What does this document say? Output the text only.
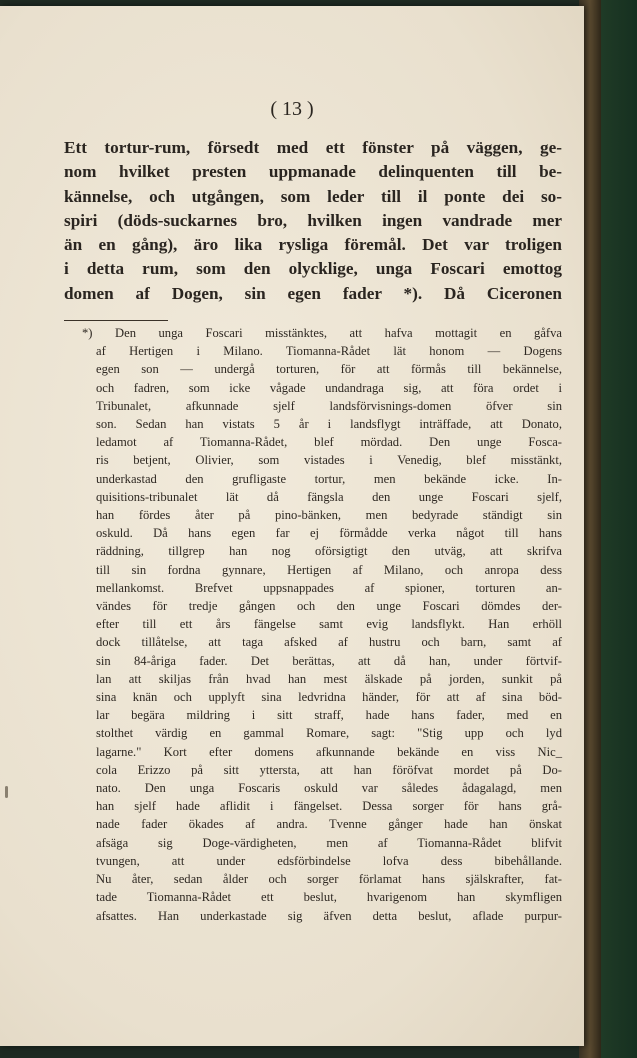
( 13 )
Ett tortur-rum, försedt med ett fönster på väggen, ge-
nom hvilket presten uppmanade delinquenten till be-
kännelse, och utgången, som leder till il ponte dei so-
spiri (döds-suckarnes bro, hvilken ingen vandrade mer
än en gång), äro lika rysliga föremål. Det var troligen
i detta rum, som den olycklige, unga Foscari emottog
domen af Dogen, sin egen fader *). Då Ciceronen
*) Den unga Foscari misstänktes, att hafva mottagit en gåfva
af Hertigen i Milano. Tiomanna-Rådet lät honom — Dogens
egen son — undergå torturen, för att förmås till bekännelse,
och fadren, som icke vågade undandraga sig, att föra ordet i
Tribunalet, afkunnade sjelf landsförvisnings-domen öfver sin
son. Sedan han vistats 5 år i landsflygt inträffade, att Donato,
ledamot af Tiomanna-Rådet, blef mördad. Den unge Fosca-
ris betjent, Olivier, som vistades i Venedig, blef misstänkt,
underkastad den grufligaste tortur, men bekände icke. In-
quisitions-tribunalet lät då fängsla den unge Foscari sjelf,
han fördes åter på pino-bänken, men bedyrade ständigt sin
oskuld. Då hans egen far ej förmådde verka något till hans
räddning, tillgrep han nog oförsigtigt den utväg, att skrifva
till sin fordna gynnare, Hertigen af Milano, och anropa dess
mellankomst. Brefvet uppsnappades af spioner, torturen an-
vändes för tredje gången och den unge Foscari dömdes der-
efter till ett års fängelse samt evig landsflykt. Han erhöll
dock tillåtelse, att taga afsked af hustru och barn, samt af
sin 84-åriga fader. Det berättas, att då han, under förtvif-
lan att skiljas från hvad han mest älskade på jorden, sunkit på
sina knän och upplyft sina ledvridna händer, för att af sina böd-
lar begära mildring i sitt straff, hade hans fader, med en
stolthet värdig en gammal Romare, sagt: "Stig upp och lyd
lagarne." Kort efter domens afkunnande bekände en viss Nic_
cola Erizzo på sitt yttersta, att han föröfvat mordet på Do-
nato. Den unga Foscaris oskuld var således ådagalagd, men
han sjelf hade aflidit i fängelset. Dessa sorger för hans grå-
nade fader ökades af andra. Tvenne gånger hade han önskat
afsäga sig Doge-värdigheten, men af Tiomanna-Rådet blifvit
tvungen, att under edsförbindelse lofva dess bibehållande.
Nu åter, sedan ålder och sorger förlamat hans själskrafter, fat-
tade Tiomanna-Rådet ett beslut, hvarigenom han skymfligen
afsattes. Han underkastade sig äfven detta beslut, aflade purpur-
